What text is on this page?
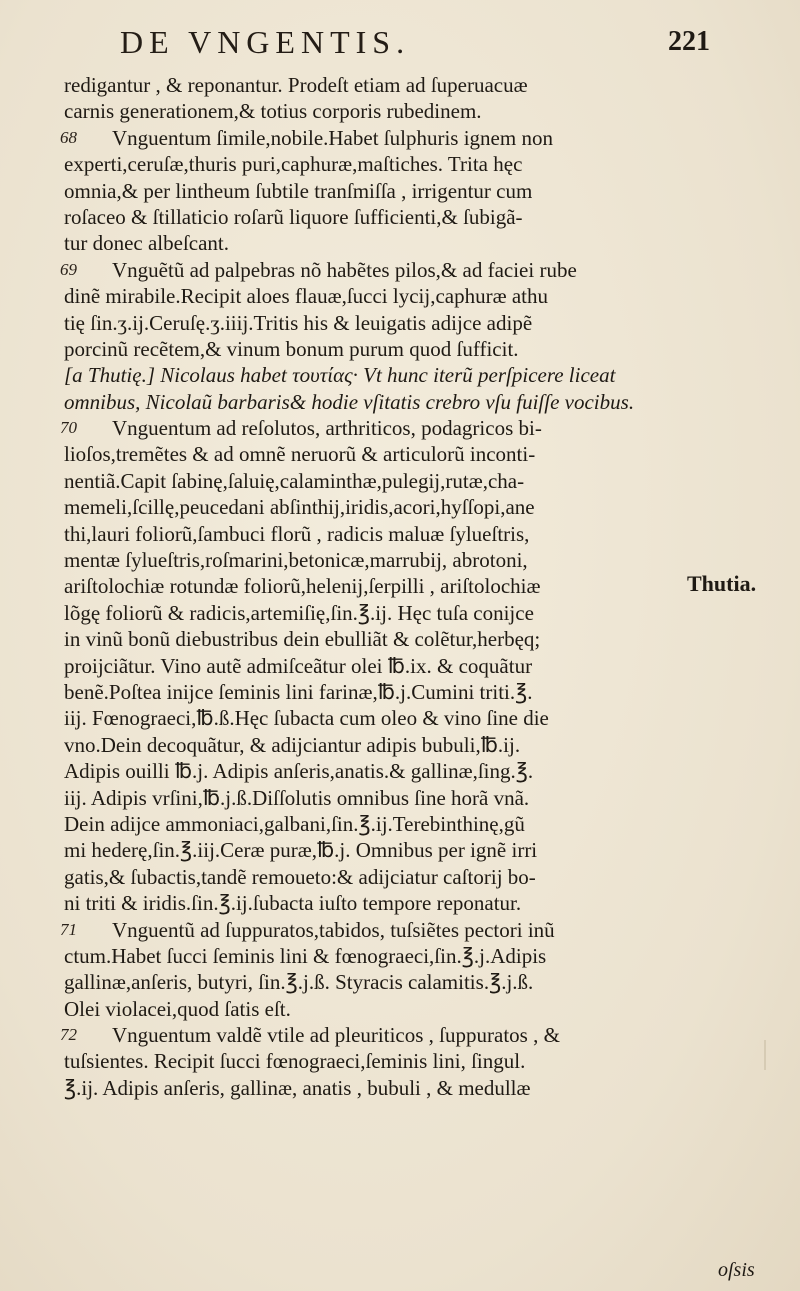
DE VNGENTIS.	221
redigantur , & reponantur. Prodeſt etiam ad ſuperuacuæ
carnis generationem,& totius corporis rubedinem.
68 Vnguentum ſimile,nobile.Habet ſulphuris ignem non
experti,ceruſæ,thuris puri,caphuræ,maſtiches. Trita hęc
omnia,& per lintheum ſubtile tranſmiſſa , irrigentur cum
roſaceo & ſtillaticio roſarũ liquore ſufficienti,& ſubigã-
tur donec albeſcant.
69 Vnguẽtũ ad palpebras nõ habẽtes pilos,& ad faciei rube
dinẽ mirabile.Recipit aloes flauæ,ſucci lycij,caphuræ athu
tię ſin.ʒ.ij.Ceruſę.ʒ.iiij.Tritis his & leuigatis adijce adipẽ
porcinũ recẽtem,& vinum bonum purum quod ſufficit.
[a Thutię.] Nicolaus habet τουτίας· Vt hunc iterũ perſpicere liceat
omnibus, Nicolaũ barbaris& hodie vſitatis crebro vſu fuiſſe vocibus.
70 Vnguentum ad reſolutos, arthriticos, podagricos bi-
lioſos,tremẽtes & ad omnẽ neruorũ & articulorũ inconti-
nentiã.Capit ſabinę,ſaluię,calaminthæ,pulegij,rutæ,cha-
memeli,ſcillę,peucedani abſinthij,iridis,acori,hyſſopi,ane
thi,lauri foliorũ,ſambuci florũ , radicis maluæ ſylueſtris,
mentæ ſylueſtris,roſmarini,betonicæ,marrubij, abrotoni,
ariſtolochiæ rotundæ foliorũ,helenij,ſerpilli , ariſtolochiæ
lõgę foliorũ & radicis,artemiſię,ſin.℥.ij. Hęc tuſa conijce
in vinũ bonũ diebustribus dein ebulliãt & colẽtur,herbęq;
proijciãtur. Vino autẽ admiſceãtur olei ℔.ix. & coquãtur
benẽ.Poſtea inijce ſeminis lini farinæ,℔.j.Cumini triti.℥.
iij. Fœnograeci,℔.ß.Hęc ſubacta cum oleo & vino ſine die
vno.Dein decoquãtur, & adijciantur adipis bubuli,℔.ij.
Adipis ouilli ℔.j. Adipis anſeris,anatis.& gallinæ,ſing.℥.
iij. Adipis vrſini,℔.j.ß.Diſſolutis omnibus ſine horã vnã.
Dein adijce ammoniaci,galbani,ſin.℥.ij.Terebinthinę,gũ
mi hederę,ſin.℥.iij.Ceræ puræ,℔.j. Omnibus per ignẽ irri
gatis,& ſubactis,tandẽ remoueto:& adijciatur caſtorij bo-
ni triti & iridis.ſin.℥.ij.ſubacta iuſto tempore reponatur.
71 Vnguentũ ad ſuppuratos,tabidos, tuſsiẽtes pectori inũ
ctum.Habet ſucci ſeminis lini & fœnograeci,ſin.℥.j.Adipis
gallinæ,anſeris, butyri, ſin.℥.j.ß. Styracis calamitis.℥.j.ß.
Olei violacei,quod ſatis eſt.
72 Vnguentum valdẽ vtile ad pleuriticos , ſuppuratos , &
tuſsientes. Recipit ſucci fœnograeci,ſeminis lini, ſingul.
℥.ij. Adipis anſeris, gallinæ, anatis , bubuli , & medullæ
Thutia.
oſsis
